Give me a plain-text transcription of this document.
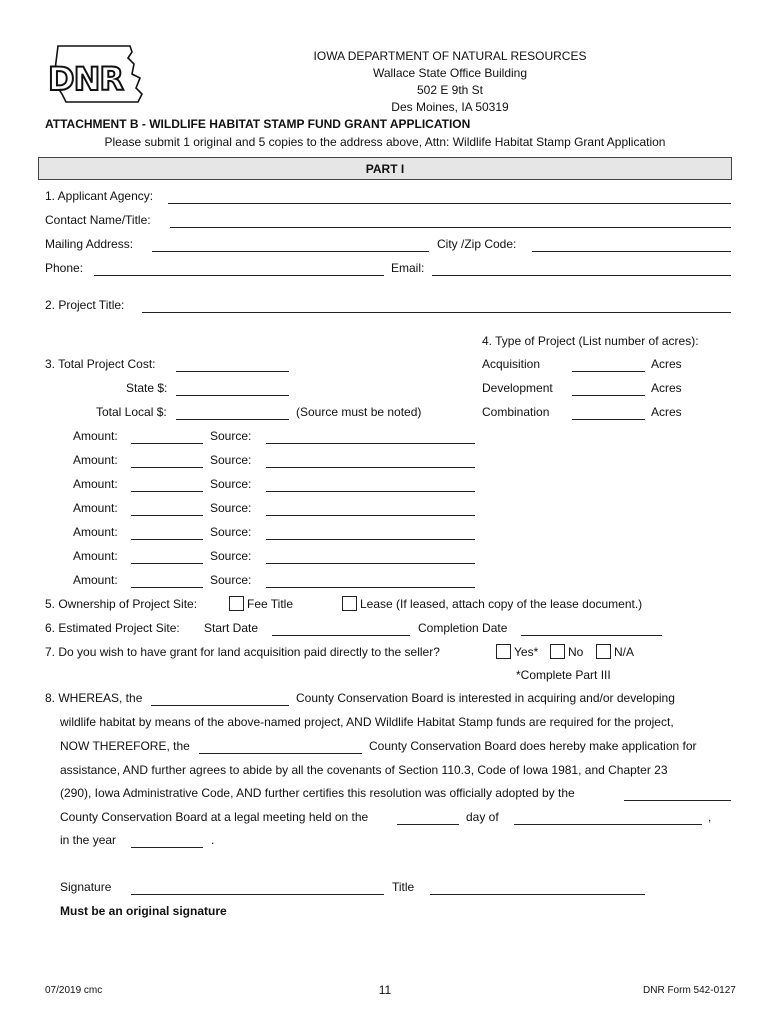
DNR
IOWA DEPARTMENT OF NATURAL RESOURCES
Wallace State Office Building
502 E 9th St
Des Moines, IA 50319
ATTACHMENT B - WILDLIFE HABITAT STAMP FUND GRANT APPLICATION
Please submit 1 original and 5 copies to the address above, Attn: Wildlife Habitat Stamp Grant Application
PART I
1. Applicant Agency:
Contact Name/Title:
Mailing Address:	City /Zip Code:
Phone:	Email:
2. Project Title:
4. Type of Project (List number of acres):
Acquisition	Acres
Development	Acres
Combination	Acres
3. Total Project Cost:
State $:
Total Local $:	(Source must be noted)
Amount:	Source:
Amount:	Source:
Amount:	Source:
Amount:	Source:
Amount:	Source:
Amount:	Source:
Amount:	Source:
5. Ownership of Project Site:	Fee Title	Lease (If leased, attach copy of the lease document.)
6. Estimated Project Site: Start Date	Completion Date
7. Do you wish to have grant for land acquisition paid directly to the seller?	Yes* No	N/A
*Complete Part III
8. WHEREAS, the	County Conservation Board is interested in acquiring and/or developing
wildlife habitat by means of the above-named project, AND Wildlife Habitat Stamp funds are required for the project,
NOW THEREFORE, the	County Conservation Board does hereby make application for
assistance, AND further agrees to abide by all the covenants of Section 110.3, Code of Iowa 1981, and Chapter 23
(290), Iowa Administrative Code, AND further certifies this resolution was officially adopted by the
County Conservation Board at a legal meeting held on the	day of	,
in the year	.
Signature	Title
Must be an original signature
07/2019 cmc	11	DNR Form 542-0127
